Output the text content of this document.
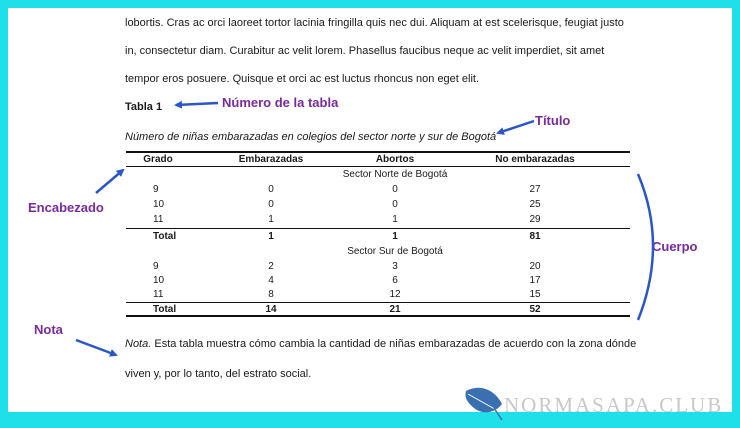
lobortis. Cras ac orci laoreet tortor lacinia fringilla quis nec dui. Aliquam at est scelerisque, feugiat justo
in, consectetur diam. Curabitur ac velit lorem. Phasellus faucibus neque ac velit imperdiet, sit amet
tempor eros posuere. Quisque et orci ac est luctus rhoncus non eget elit.
Tabla 1
Número de niñas embarazadas en colegios del sector norte y sur de Bogotá
Grado	Embarazadas	Abortos	No embarazadas
Sector Norte de Bogotá
9	0	0	27
10	0	0	25
11	1	1	29
Total	1	1	81
Sector Sur de Bogotá
9	2	3	20
10	4	6	17
11	8	12	15
Total	14	21	52
Nota. Esta tabla muestra cómo cambia la cantidad de niñas embarazadas de acuerdo con la zona dónde
viven y, por lo tanto, del estrato social.
Número de la tabla
Título
Encabezado
Cuerpo
Nota
NORMASAPA.CLUB
